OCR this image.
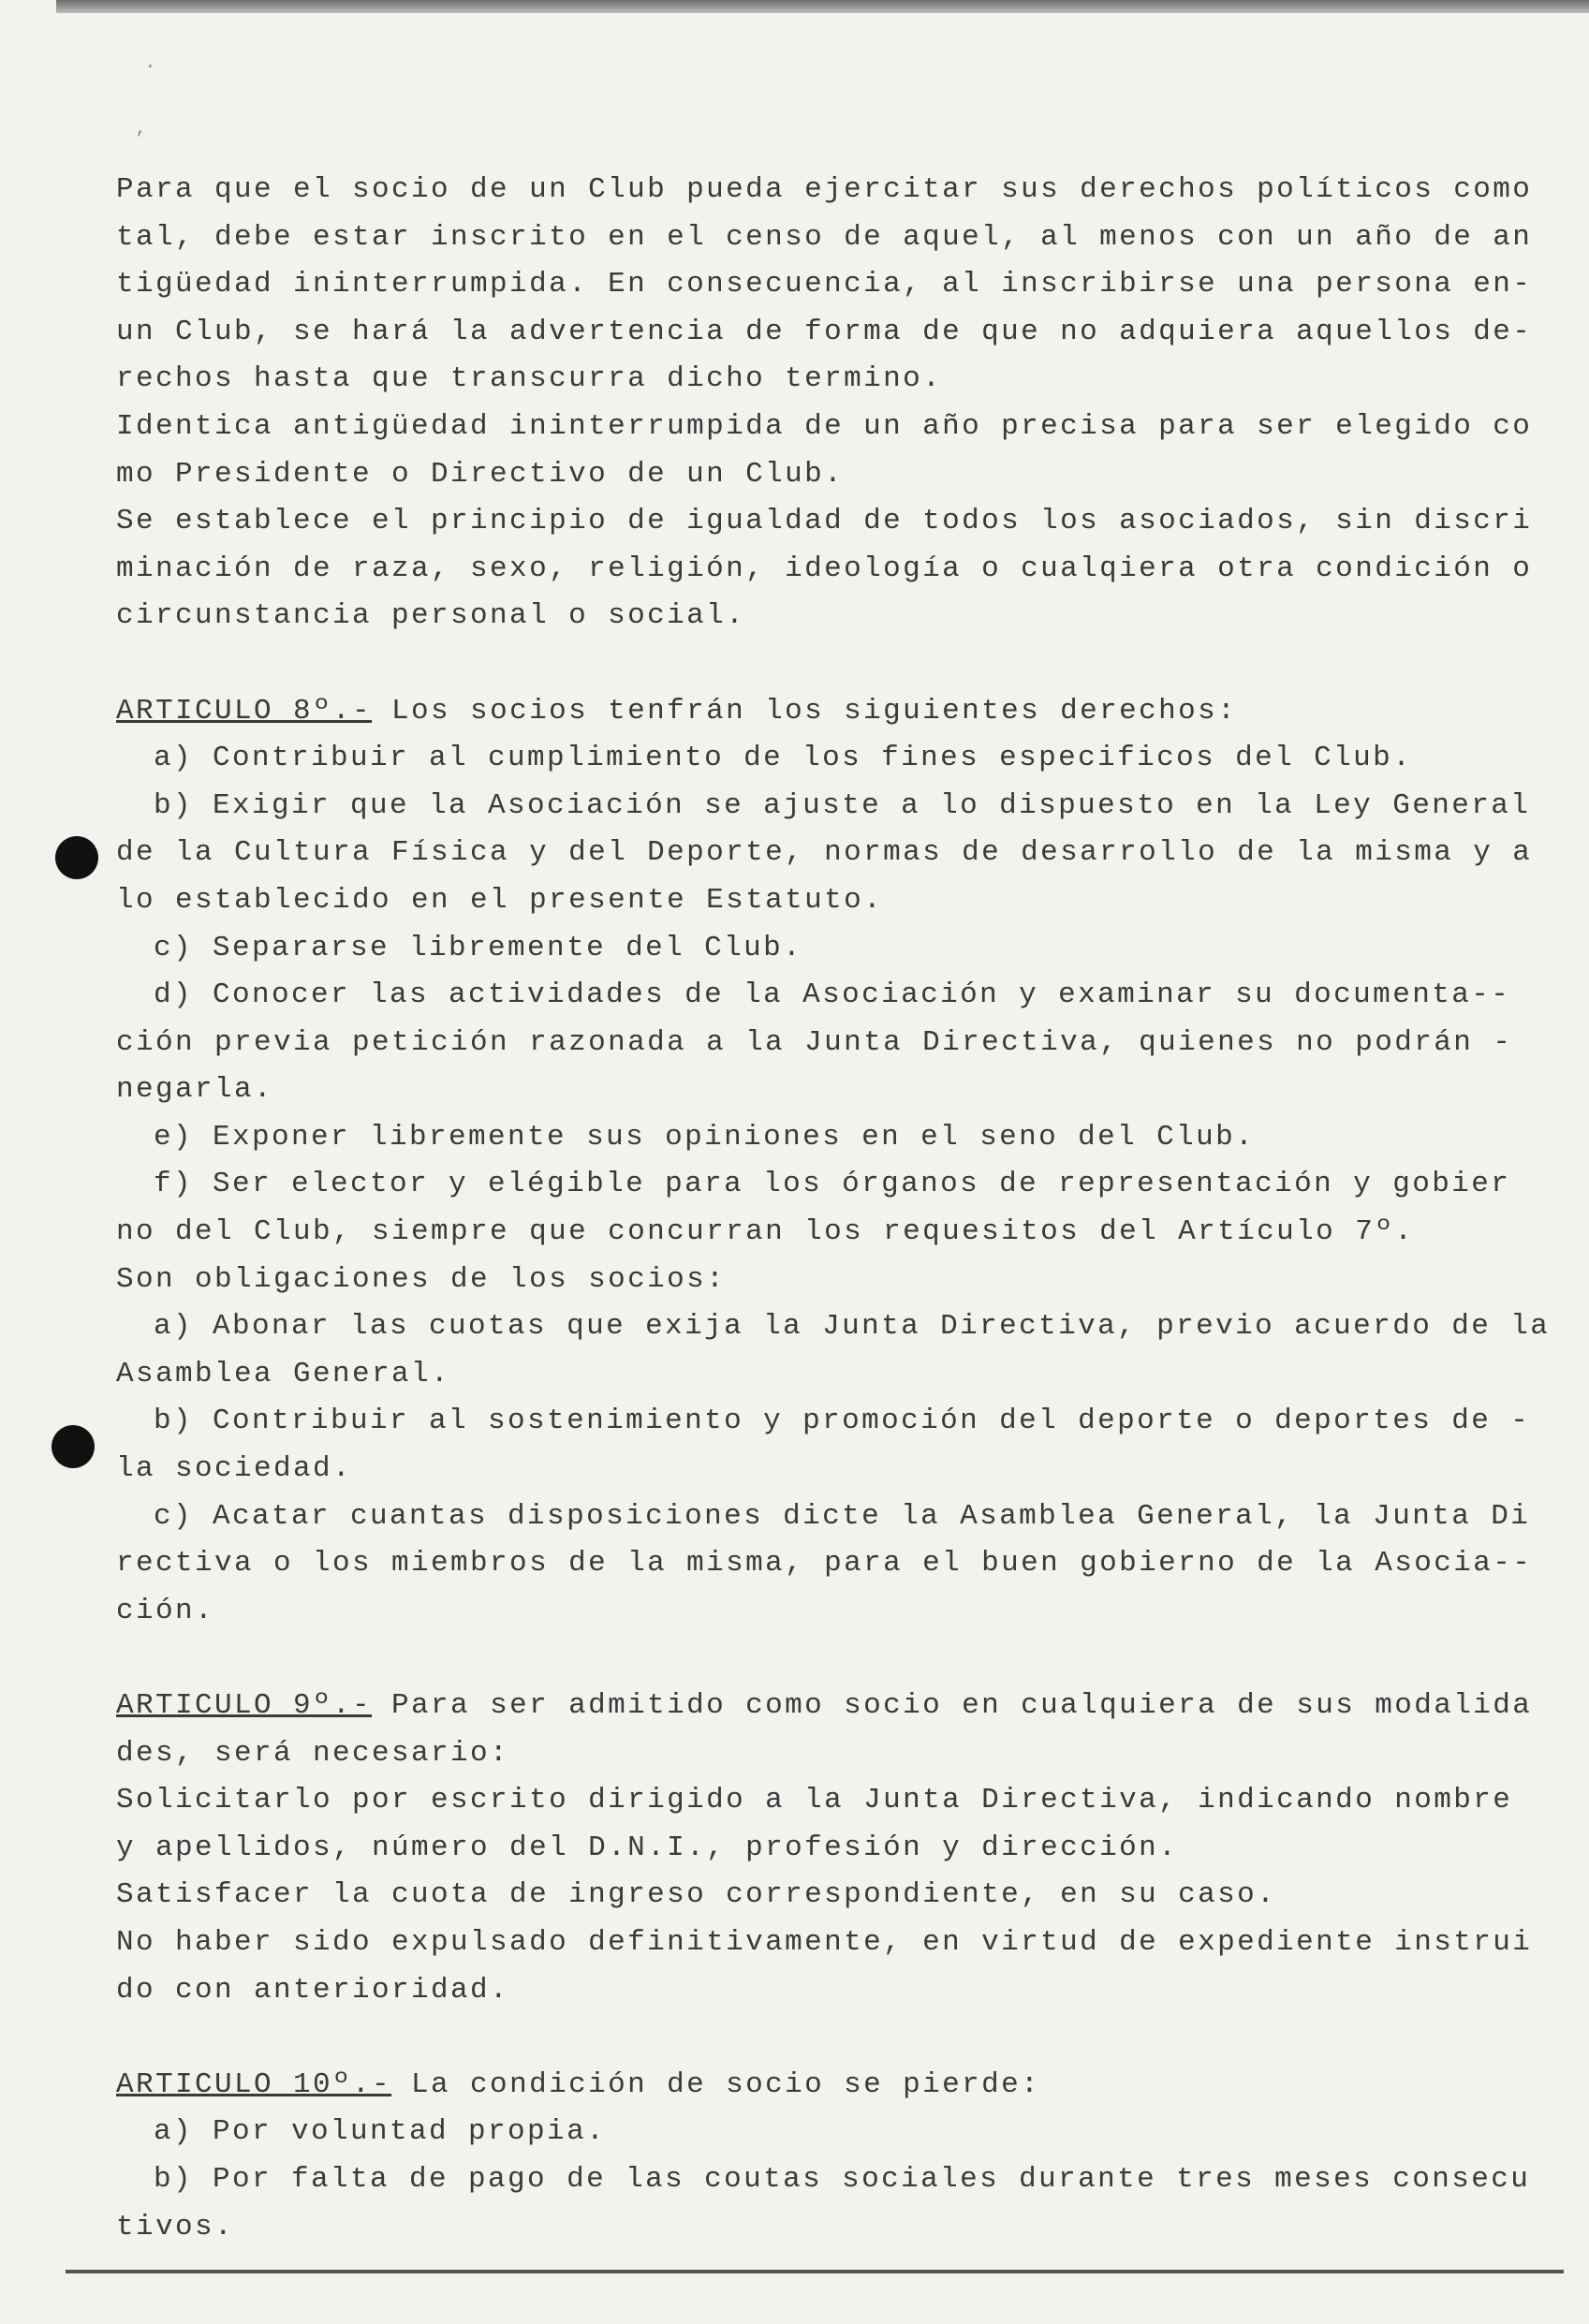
·
,
Para que el socio de un Club pueda ejercitar sus derechos políticos como
tal, debe estar inscrito en el censo de aquel, al menos con un año de an
tigüedad ininterrumpida. En consecuencia, al inscribirse una persona en-
un Club, se hará la advertencia de forma de que no adquiera aquellos de-
rechos hasta que transcurra dicho termino.
Identica antigüedad ininterrumpida de un año precisa para ser elegido co
mo Presidente o Directivo de un Club.
Se establece el principio de igualdad de todos los asociados, sin discri
minación de raza, sexo, religión, ideología o cualqiera otra condición o
circunstancia personal o social.
ARTICULO 8º.- Los socios tenfrán los siguientes derechos:
a) Contribuir al cumplimiento de los fines especificos del Club.
b) Exigir que la Asociación se ajuste a lo dispuesto en la Ley General
de la Cultura Física y del Deporte, normas de desarrollo de la misma y a
lo establecido en el presente Estatuto.
c) Separarse libremente del Club.
d) Conocer las actividades de la Asociación y examinar su documenta--
ción previa petición razonada a la Junta Directiva, quienes no podrán -
negarla.
e) Exponer libremente sus opiniones en el seno del Club.
f) Ser elector y elégible para los órganos de representación y gobier
no del Club, siempre que concurran los requesitos del Artículo 7º.
Son obligaciones de los socios:
a) Abonar las cuotas que exija la Junta Directiva, previo acuerdo de la
Asamblea General.
b) Contribuir al sostenimiento y promoción del deporte o deportes de -
la sociedad.
c) Acatar cuantas disposiciones dicte la Asamblea General, la Junta Di
rectiva o los miembros de la misma, para el buen gobierno de la Asocia--
ción.
ARTICULO 9º.- Para ser admitido como socio en cualquiera de sus modalida
des, será necesario:
Solicitarlo por escrito dirigido a la Junta Directiva, indicando nombre
y apellidos, número del D.N.I., profesión y dirección.
Satisfacer la cuota de ingreso correspondiente, en su caso.
No haber sido expulsado definitivamente, en virtud de expediente instrui
do con anterioridad.
ARTICULO 10º.- La condición de socio se pierde:
a) Por voluntad propia.
b) Por falta de pago de las coutas sociales durante tres meses consecu
tivos.
